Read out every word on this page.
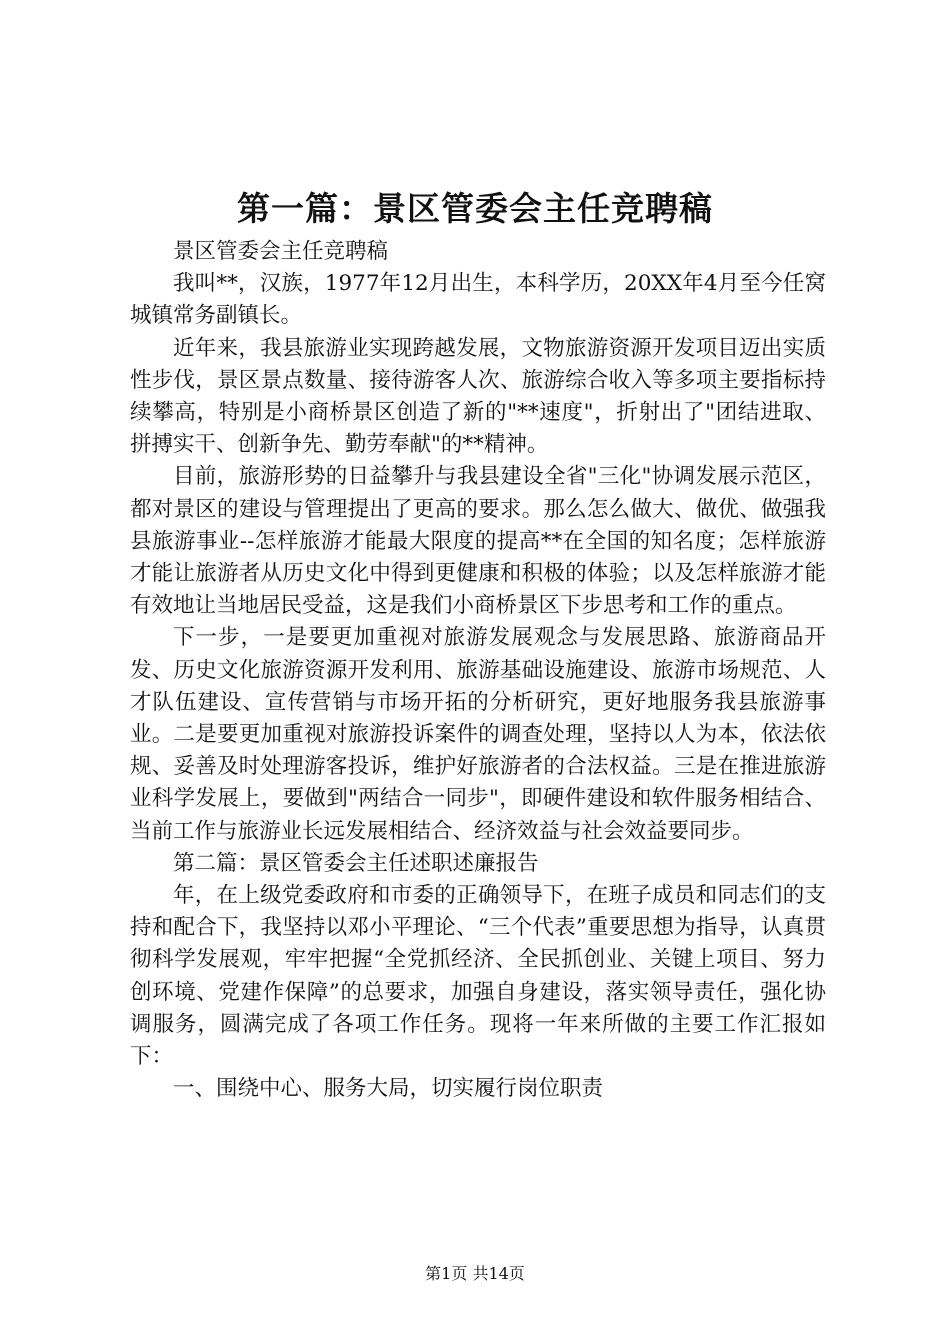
第一篇：景区管委会主任竞聘稿

景区管委会主任竞聘稿

我叫**，汉族，1977年12月出生，本科学历，20XX年4月至今任窝城镇常务副镇长。

近年来，我县旅游业实现跨越发展，文物旅游资源开发项目迈出实质性步伐，景区景点数量、接待游客人次、旅游综合收入等多项主要指标持续攀高，特别是小商桥景区创造了新的"**速度"，折射出了"团结进取、拼搏实干、创新争先、勤劳奉献"的**精神。

目前，旅游形势的日益攀升与我县建设全省"三化"协调发展示范区，都对景区的建设与管理提出了更高的要求。那么怎么做大、做优、做强我县旅游事业--怎样旅游才能最大限度的提高**在全国的知名度；怎样旅游才能让旅游者从历史文化中得到更健康和积极的体验；以及怎样旅游才能有效地让当地居民受益，这是我们小商桥景区下步思考和工作的重点。

下一步，一是要更加重视对旅游发展观念与发展思路、旅游商品开发、历史文化旅游资源开发利用、旅游基础设施建设、旅游市场规范、人才队伍建设、宣传营销与市场开拓的分析研究，更好地服务我县旅游事业。二是要更加重视对旅游投诉案件的调查处理，坚持以人为本，依法依规、妥善及时处理游客投诉，维护好旅游者的合法权益。三是在推进旅游业科学发展上，要做到"两结合一同步"，即硬件建设和软件服务相结合、当前工作与旅游业长远发展相结合、经济效益与社会效益要同步。

第二篇：景区管委会主任述职述廉报告

年，在上级党委政府和市委的正确领导下，在班子成员和同志们的支持和配合下，我坚持以邓小平理论、“三个代表”重要思想为指导，认真贯彻科学发展观，牢牢把握“全党抓经济、全民抓创业、关键上项目、努力创环境、党建作保障”的总要求，加强自身建设，落实领导责任，强化协调服务，圆满完成了各项工作任务。现将一年来所做的主要工作汇报如下：

一、围绕中心、服务大局，切实履行岗位职责

第1页 共14页
